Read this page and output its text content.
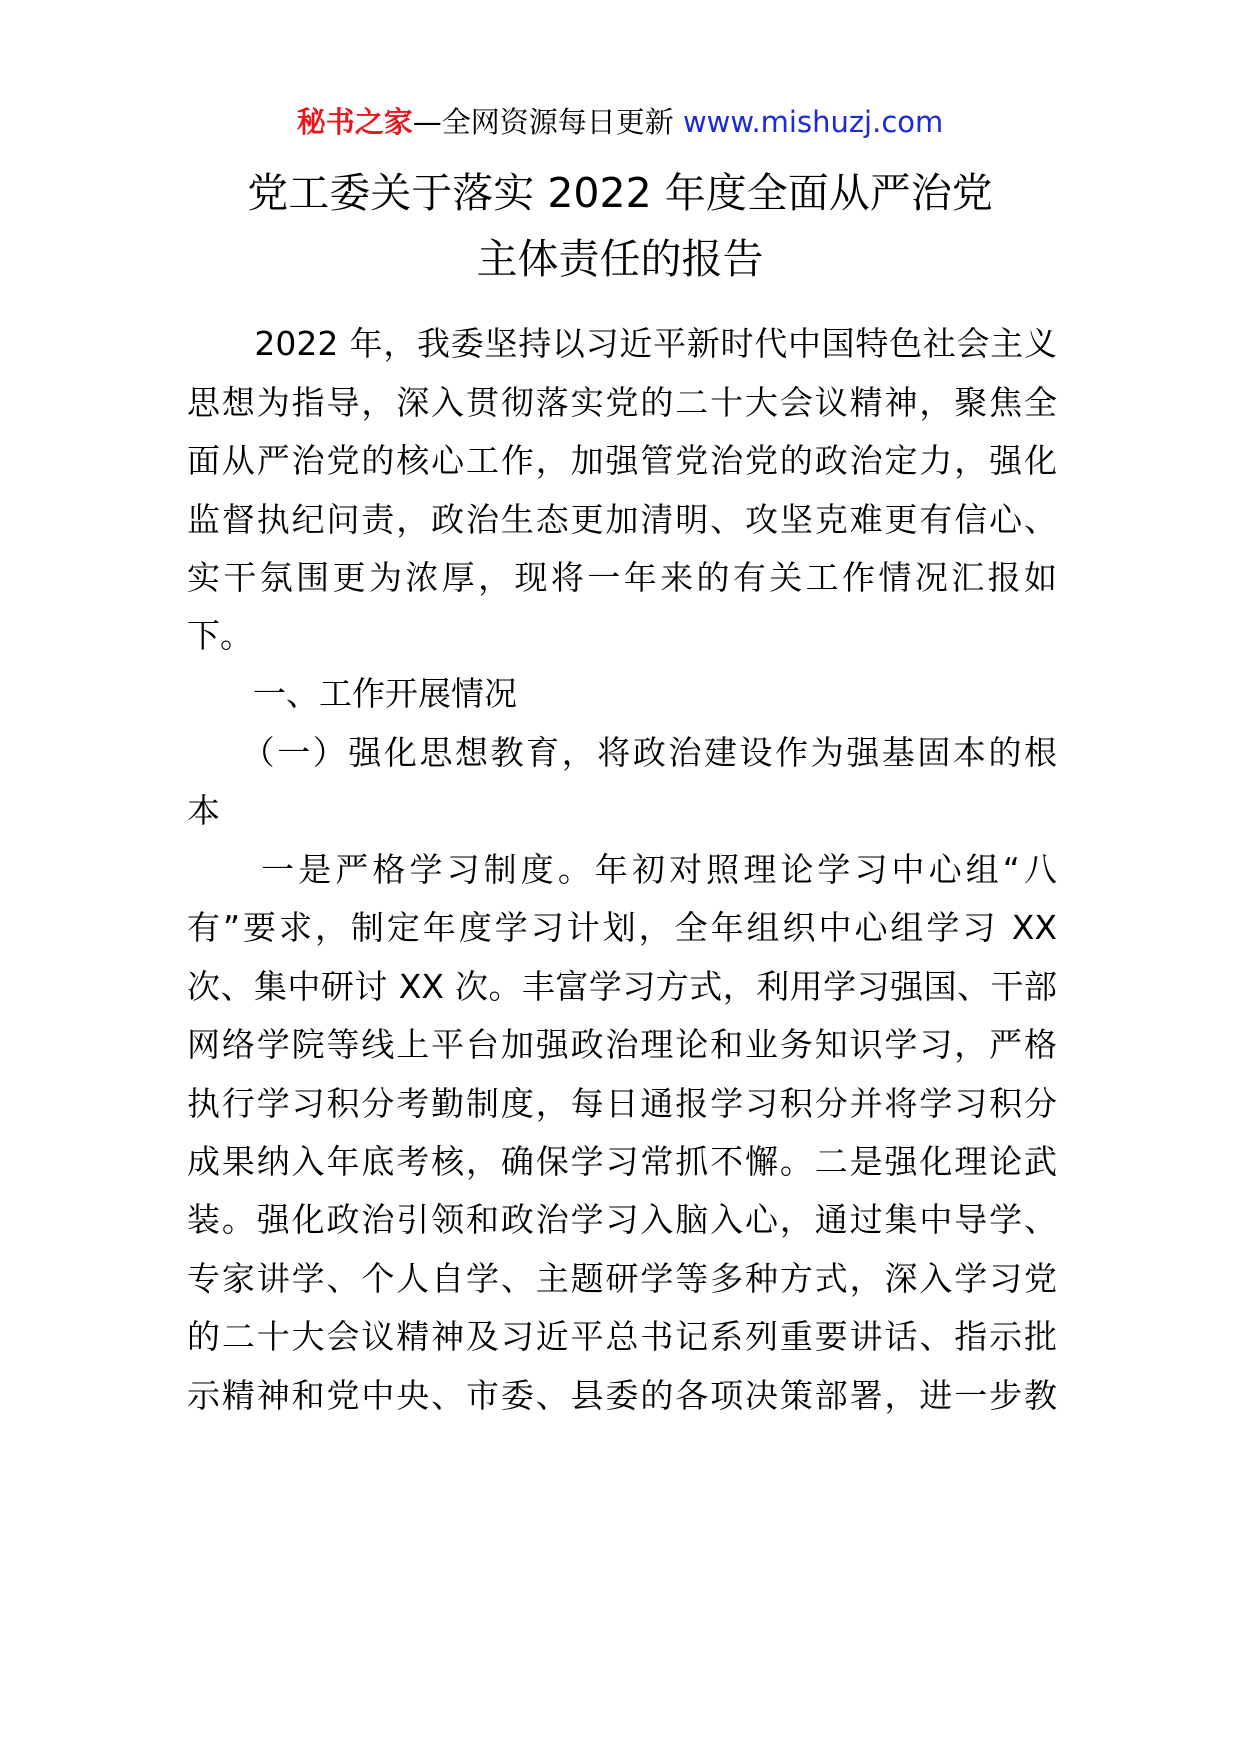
秘书之家—全网资源每日更新 www.mishuzj.com
党工委关于落实 2022 年度全面从严治党
主体责任的报告
　　2022 年，我委坚持以习近平新时代中国特色社会主义
思想为指导，深入贯彻落实党的二十大会议精神，聚焦全
面从严治党的核心工作，加强管党治党的政治定力，强化
监督执纪问责，政治生态更加清明、攻坚克难更有信心、
实干氛围更为浓厚，现将一年来的有关工作情况汇报如
下。
　　一、工作开展情况
　　（一）强化思想教育，将政治建设作为强基固本的根
本
　　一是严格学习制度。年初对照理论学习中心组“八
有”要求，制定年度学习计划，全年组织中心组学习 XX
次、集中研讨 XX 次。丰富学习方式，利用学习强国、干部
网络学院等线上平台加强政治理论和业务知识学习，严格
执行学习积分考勤制度，每日通报学习积分并将学习积分
成果纳入年底考核，确保学习常抓不懈。二是强化理论武
装。强化政治引领和政治学习入脑入心，通过集中导学、
专家讲学、个人自学、主题研学等多种方式，深入学习党
的二十大会议精神及习近平总书记系列重要讲话、指示批
示精神和党中央、市委、县委的各项决策部署，进一步教
